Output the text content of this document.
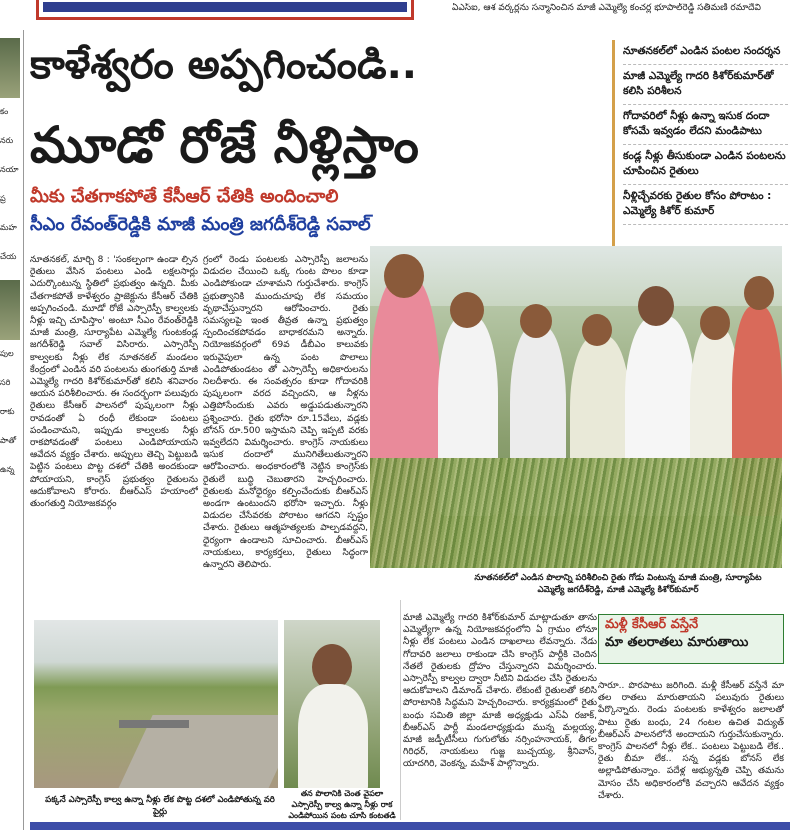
ఏఎస్‌ఐ, ఆశ వర్కర్లను సన్మానించిన మాజీ ఎమ్మెల్యే కంచర్ల భూపాల్‌రెడ్డి సతీమణి రమాదేవి

కం

నరు

నయా

ప్ర

మహ

చేయ

పుల

సరి

రాకు

పాతో

ఉన్న

కాళేశ్వరం అప్పగించండి..
మూడో రోజే నీళ్లిస్తాం
మీకు చేతగాకపోతే కేసీఆర్‌ చేతికి అందించాలి
సీఎం రేవంత్‌రెడ్డికి మాజీ మంత్రి జగదీశ్‌రెడ్డి సవాల్‌

నూతనకల్‌లో ఎండిన పంటల సందర్శన

మాజీ ఎమ్మెల్యే గాదరి కిశోర్‌కుమార్‌తో కలిసి పరిశీలన

గోదావరిలో నీళ్లు ఉన్నా ఇసుక దందా కోసమే ఇవ్వడం లేదని మండిపాటు

కండ్ల నీళ్లు తీసుకుండా ఎండిన పంటలను చూపించిన రైతులు

నీళ్లిచ్చేవరకు రైతుల కోసం పోరాటం : ఎమ్మెల్యే కిశోర్‌ కుమార్‌

నూతనకల్‌, మార్చి 8 : 'సంకల్పంగా ఉండా ల్సిన రైతులు వేసిన పంటలు ఎండి లక్షలసార్లు ఎదుర్కొంటున్న స్థితిలో ప్రభుత్వం ఉన్నది. మీకు చేతగాకపోతే కాళేశ్వరం ప్రాజెక్టును కేసీఆర్‌ చేతికి అప్పగించండి. మూడో రోజే ఎస్సారెస్పీ కాల్వలకు నీళ్లు ఇచ్చి చూపిస్తాం' అంటూ సీఎం రేవంత్‌రెడ్డికి మాజీ మంత్రి, సూర్యాపేట ఎమ్మెల్యే గుంటకండ్ల జగదీశ్‌రెడ్డి సవాల్‌ విసిరారు. ఎస్సారెస్పీ కాల్వలకు నీళ్లు లేక నూతనకల్‌ మండలం కేంద్రంలో ఎండిన వరి పంటలను తుంగతుర్తి మాజీ ఎమ్మెల్యే గాదరి కిశోర్‌కుమార్‌తో కలిసి శనివారం ఆయన పరిశీలించారు. ఈ సందర్భంగా పలువురు రైతులు కేసీఆర్‌ పాలనలో పుష్కలంగా నీళ్లు రావడంతో ఏ రంధీ లేకుండా పంటలు పండించామని, ఇప్పుడు కాల్వలకు నీళ్లు రాకపోవడంతో పంటలు ఎండిపోయాయని ఆవేదన వ్యక్తం చేశారు. అప్పులు తెచ్చి పెట్టుబడి పెట్టిన పంటలు పొట్ట దశలో చేతికి అందకుండా పోయాయని, కాంగ్రెస్‌ ప్రభుత్వం రైతులను ఆదుకోవాలని కోరారు. బీఆర్‌ఎస్‌ హయాంలో తుంగతుర్తి నియోజకవర్గం
గ్రంలో రెండు పంటలకు ఎస్సారెస్పీ జలాలను విడుదల చేయించి ఒక్క గుంట పొలం కూడా ఎండిపోకుండా చూశామని గుర్తుచేశారు. కాంగ్రెస్‌ ప్రభుత్వానికి ముందుచూపు లేక సమయం వృథాచేస్తున్నారని ఆరోపించారు. రైతు సమస్యలపై ఇంత తీవ్రత ఉన్నా ప్రభుత్వం స్పందించకపోవడం బాధాకరమని అన్నారు. నియోజకవర్గంలో 69వ డీబీఎం కాలువకు ఇరువైపులా ఉన్న పంట పొలాలు ఎండిపోతుండటం తో ఎస్సారెస్పీ అధికారులను నిలదీశారు. ఈ సంవత్సరం కూడా గోదావరికి పుష్కలంగా వరద వచ్చిందని, ఆ నీళ్లను ఎత్తిపోసేందుకు ఎవరు అడ్డుపడుతున్నారని ప్రశ్నించారు. రైతు భరోసా రూ.15వేలు, వడ్లకు బోనస్‌ రూ.500 ఇస్తామని చెప్పి ఇప్పటి వరకు ఇవ్వలేదని విమర్శించారు. కాంగ్రెస్‌ నాయకులు ఇసుక దందాలో మునిగితేలుతున్నారని ఆరోపించారు. అంధకారంలోకి నెట్టిన కాంగ్రెస్‌కు రైతులే బుద్ధి చెబుతారని హెచ్చరించారు. రైతులకు మనోధైర్యం కల్పించేందుకు బీఆర్‌ఎస్‌ అండగా ఉంటుందని భరోసా ఇచ్చారు. నీళ్లు విడుదల చేసేవరకు పోరాటం ఆగదని స్పష్టం చేశారు. రైతులు ఆత్మహత్యలకు పాల్పడవద్దని, ధైర్యంగా ఉండాలని సూచించారు. బీఆర్‌ఎస్‌ నాయకులు, కార్యకర్తలు, రైతులు సిద్ధంగా ఉన్నారని తెలిపారు.
నూతనకల్‌లో ఎండిన పొలాన్ని పరిశీలించి రైతు గోడు వింటున్న మాజీ మంత్రి, సూర్యాపేట ఎమ్మెల్యే జగదీశ్‌రెడ్డి, మాజీ ఎమ్మెల్యే కిశోర్‌కుమార్‌
పక్కనే ఎస్సారెస్పీ కాల్వ ఉన్నా నీళ్లు లేక పొట్ట దశలో ఎండిపోతున్న వరి పైర్లు
తన పొలానికి చెంత వైపలా ఎస్సారెస్పీ కాల్వ ఉన్నా నీళ్లు రాక ఎండిపోయిన పంట చూసి కంటతడి
మాజీ ఎమ్మెల్యే గాదరి కిశోర్‌కుమార్‌ మాట్లాడుతూ తాను ఎమ్మెల్యేగా ఉన్న నియోజకవర్గంలోని ఏ గ్రామం లోనూ నీళ్లు లేక పంటలు ఎండిన దాఖలాలు లేవన్నారు. నేడు గోదావరి జలాలు రాకుండా చేసి కాంగ్రెస్‌ పార్టీకి చెందిన నేతలే రైతులకు ద్రోహం చేస్తున్నారని విమర్శించారు. ఎస్సారెస్పీ కాల్వల ద్వారా నీటిని విడుదల చేసి రైతులను ఆదుకోవాలని డిమాండ్‌ చేశారు. లేకుంటే రైతులతో కలిసి పోరాటానికి సిద్ధమని హెచ్చరించారు. కార్యక్రమంలో రైతు బంధు సమితి జిల్లా మాజీ అధ్యక్షుడు ఎస్‌ఏ రజాక్‌, బీఆర్‌ఎస్‌ పార్టీ మండలాధ్యక్షుడు మున్న మల్లయ్య, మాజీ జడ్పీటీసీలు గుగులోతు నర్సింహనాయక్‌, తీగల గిరిధర్‌, నాయకులు గుజ్జ బుచ్చయ్య, శ్రీనివాస్‌, యాదగిరి, వెంకన్న, మహేశ్‌ పాల్గొన్నారు.
మళ్లీ కేసీఆర్‌ వస్తేనే
మా తలరాతలు మారుతాయి
సారూ.. పొరపాటు జరిగింది. మళ్లీ కేసీఆర్‌ వస్తేనే మా తల రాతలు మారుతాయని పలువురు రైతులు పేర్కొన్నారు. రెండు పంటలకు కాళేశ్వరం జలాలతో పాటు రైతు బంధు, 24 గంటల ఉచిత విద్యుత్‌ బీఆర్‌ఎస్‌ పాలనలోనే అందాయని గుర్తుచేసుకున్నారు. కాంగ్రెస్‌ పాలనలో నీళ్లు లేక.. పంటలు పెట్టుబడి లేక.. రైతు బీమా లేక.. సన్న వడ్లకు బోనస్‌ లేక అల్లాడిపోతున్నాం. పదేళ్ల అభ్యున్నతి చెప్పి తమను మోసం చేసి అధికారంలోకి వచ్చారని ఆవేదన వ్యక్తం చేశారు.
